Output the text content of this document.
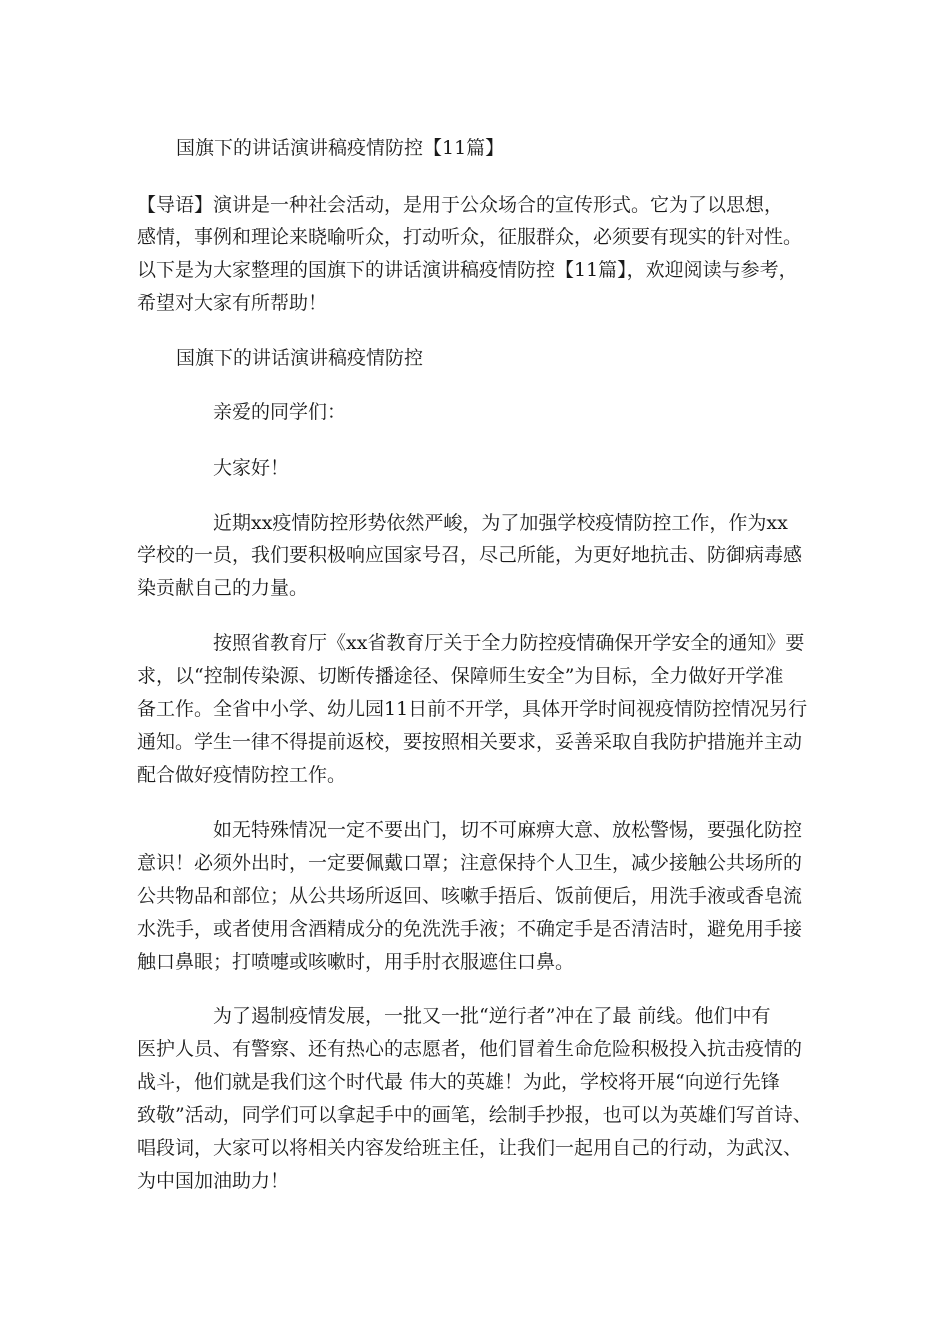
国旗下的讲话演讲稿疫情防控【11篇】
【导语】演讲是一种社会活动，是用于公众场合的宣传形式。它为了以思想，
感情，事例和理论来晓喻听众，打动听众，征服群众，必须要有现实的针对性。
以下是为大家整理的国旗下的讲话演讲稿疫情防控【11篇】，欢迎阅读与参考，
希望对大家有所帮助！
国旗下的讲话演讲稿疫情防控
亲爱的同学们：
大家好！
近期xx疫情防控形势依然严峻，为了加强学校疫情防控工作，作为xx
学校的一员，我们要积极响应国家号召，尽己所能，为更好地抗击、防御病毒感
染贡献自己的力量。
按照省教育厅《xx省教育厅关于全力防控疫情确保开学安全的通知》要
求，以“控制传染源、切断传播途径、保障师生安全”为目标，全力做好开学准
备工作。全省中小学、幼儿园11日前不开学，具体开学时间视疫情防控情况另行
通知。学生一律不得提前返校，要按照相关要求，妥善采取自我防护措施并主动
配合做好疫情防控工作。
如无特殊情况一定不要出门，切不可麻痹大意、放松警惕，要强化防控
意识！必须外出时，一定要佩戴口罩；注意保持个人卫生，减少接触公共场所的
公共物品和部位；从公共场所返回、咳嗽手捂后、饭前便后，用洗手液或香皂流
水洗手，或者使用含酒精成分的免洗洗手液；不确定手是否清洁时，避免用手接
触口鼻眼；打喷嚏或咳嗽时，用手肘衣服遮住口鼻。
为了遏制疫情发展，一批又一批“逆行者”冲在了最 前线。他们中有
医护人员、有警察、还有热心的志愿者，他们冒着生命危险积极投入抗击疫情的
战斗，他们就是我们这个时代最 伟大的英雄！为此，学校将开展“向逆行先锋
致敬”活动，同学们可以拿起手中的画笔，绘制手抄报，也可以为英雄们写首诗、
唱段词，大家可以将相关内容发给班主任，让我们一起用自己的行动，为武汉、
为中国加油助力！
